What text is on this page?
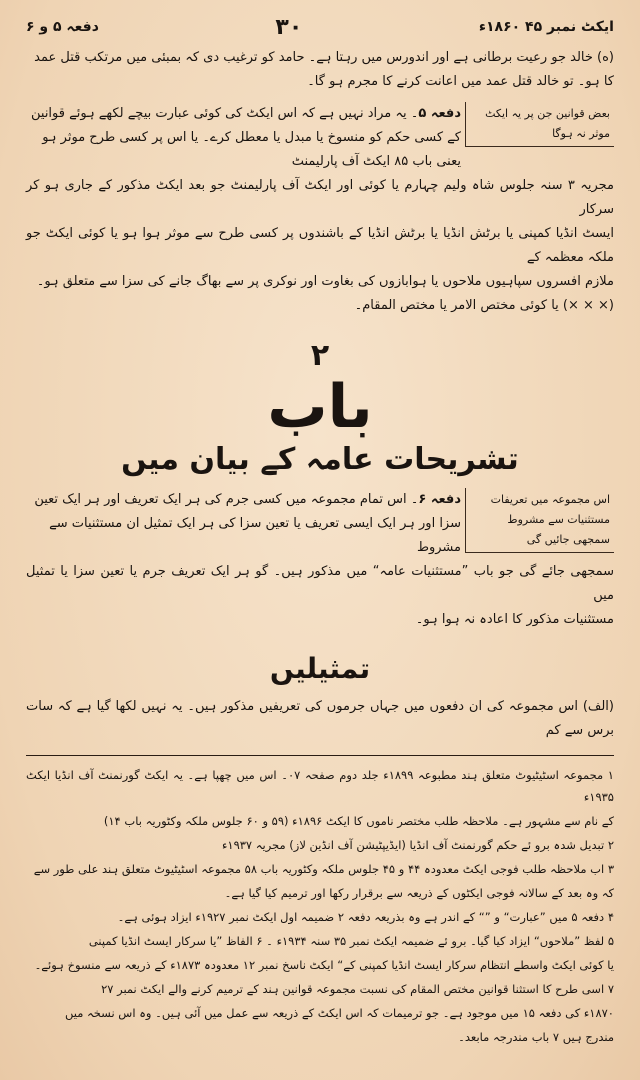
دفعہ ۵ و ۶	۳۰	ایکٹ نمبر ۴۵ ۱۸۶۰ء

(ه) خالد جو رعیت برطانی ہے اور اندورس میں رہتا ہے۔ حامد کو ترغیب دی کہ بمبئی میں مرتکب قتل عمد

کا ہو۔ تو خالد قتل عمد میں اعانت کرنے کا مجرم ہو گا۔

بعض قوانین جن پر یہ ایکٹ موثر نہ ہوگا
دفعہ ۵۔ یہ مراد نہیں ہے کہ اس ایکٹ کی کوئی عبارت بیچے لکھے ہوئے قوانین کے کسی حکم کو منسوخ یا مبدل یا معطل کرے۔ یا اس پر کسی طرح موثر ہو یعنی باب ۸۵ ایکٹ آف پارلیمنٹ

مجریہ ۳ سنہ جلوس شاہ ولیم چہارم یا کوئی اور ایکٹ آف پارلیمنٹ جو بعد ایکٹ مذکور کے جاری ہو کر سرکار

ایسٹ انڈیا کمپنی یا برٹش انڈیا یا برٹش انڈیا کے باشندوں پر کسی طرح سے موثر ہوا ہو یا کوئی ایکٹ جو ملکہ معظمہ کے

ملازم افسروں سپاہیوں ملاحوں یا ہوابازوں کی بغاوت اور نوکری پر سے بھاگ جانے کی سزا سے متعلق ہو۔

(× × ×) یا کوئی مختص الامر یا مختص المقام۔

۲
باب
تشریحات عامہ کے بیان میں
اس مجموعہ میں تعریفات مستثنیات سے مشروط سمجھی جائیں گی
دفعہ ۶۔ اس تمام مجموعہ میں کسی جرم کی ہر ایک تعریف اور ہر ایک تعین سزا اور ہر ایک ایسی تعریف یا تعین سزا کی ہر ایک تمثیل ان مستثنیات سے مشروط

سمجھی جائے گی جو باب ”مستثنیات عامہ“ میں مذکور ہیں۔ گو ہر ایک تعریف جرم یا تعین سزا یا تمثیل میں

مستثنیات مذکور کا اعادہ نہ ہوا ہو۔

تمثیلیں

(الف) اس مجموعہ کی ان دفعوں میں جہاں جرموں کی تعریفیں مذکور ہیں۔ یہ نہیں لکھا گیا ہے کہ سات برس سے کم

۱ مجموعہ اسٹیٹیوٹ متعلق ہند مطبوعہ ۱۸۹۹ء جلد دوم صفحہ ۰۷۔ اس میں چھپا ہے۔ یہ ایکٹ گورنمنٹ آف انڈیا ایکٹ ۱۹۳۵ء

کے نام سے مشہور ہے۔ ملاحظہ طلب مختصر ناموں کا ایکٹ ۱۸۹۶ء (۵۹ و ۶۰ جلوس ملکہ وکٹوریہ باب ۱۴)

۲ تبدیل شدہ برو ئے حکم گورنمنٹ آف انڈیا (ایڈیپٹیشن آف انڈین لاز) مجریہ ۱۹۳۷ء

۳ اب ملاحظہ طلب فوجی ایکٹ معدودہ ۴۴ و ۴۵ جلوس ملکہ وکٹوریہ باب ۵۸ مجموعہ اسٹیٹیوٹ متعلق ہند علی طور سے

کہ وہ بعد کے سالانہ فوجی ایکٹوں کے ذریعہ سے برقرار رکھا اور ترمیم کیا گیا ہے۔

۴ دفعہ ۵ میں ”عبارت“ و ”“ کے اندر ہے وہ بذریعہ دفعہ ۲ ضمیمہ اول ایکٹ نمبر ۱۹۲۷ء ایزاد ہوئی ہے۔

۵ لفظ ”ملاحوں“ ایزاد کیا گیا۔ برو ئے ضمیمہ ایکٹ نمبر ۳۵ سنہ ۱۹۳۴ء ۔ ۶ الفاظ ”یا سرکار ایسٹ انڈیا کمپنی

یا کوئی ایکٹ واسطے انتظام سرکار ایسٹ انڈیا کمپنی کے“ ایکٹ ناسخ نمبر ۱۲ معدودہ ۱۸۷۳ء کے ذریعہ سے منسوخ ہوئے۔

۷ اسی طرح کا استثنا قوانین مختص المقام کی نسبت مجموعہ قوانین ہند کے ترمیم کرنے والے ایکٹ نمبر ۲۷

۱۸۷۰ء کی دفعہ ۱۵ میں موجود ہے۔ جو ترمیمات کہ اس ایکٹ کے ذریعہ سے عمل میں آئی ہیں۔ وہ اس نسخہ میں

مندرج ہیں ۷ باب مندرجہ مابعد۔
